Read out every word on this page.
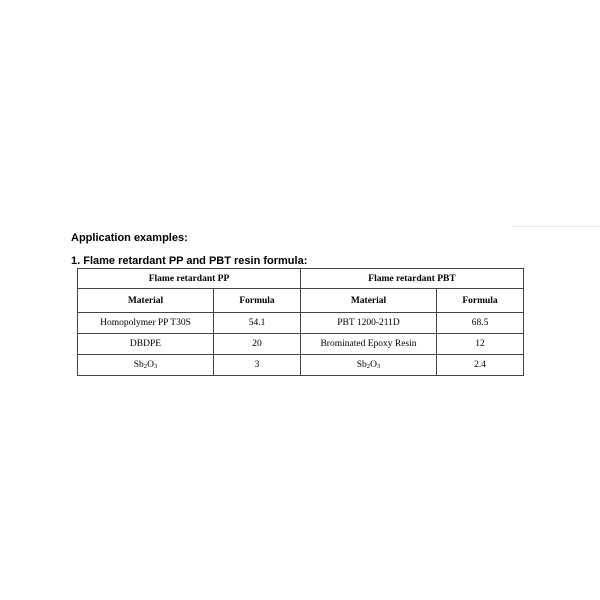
Application examples:
1. Flame retardant PP and PBT resin formula:
Flame retardant PP		Flame retardant PBT	
Material	Formula	Material	Formula
Homopolymer PP T30S	54.1	PBT 1200-211D	68.5
DBDPE	20	Brominated Epoxy Resin	12
$Sb_2O_3$	3	$Sb_2O_3$	2.4
